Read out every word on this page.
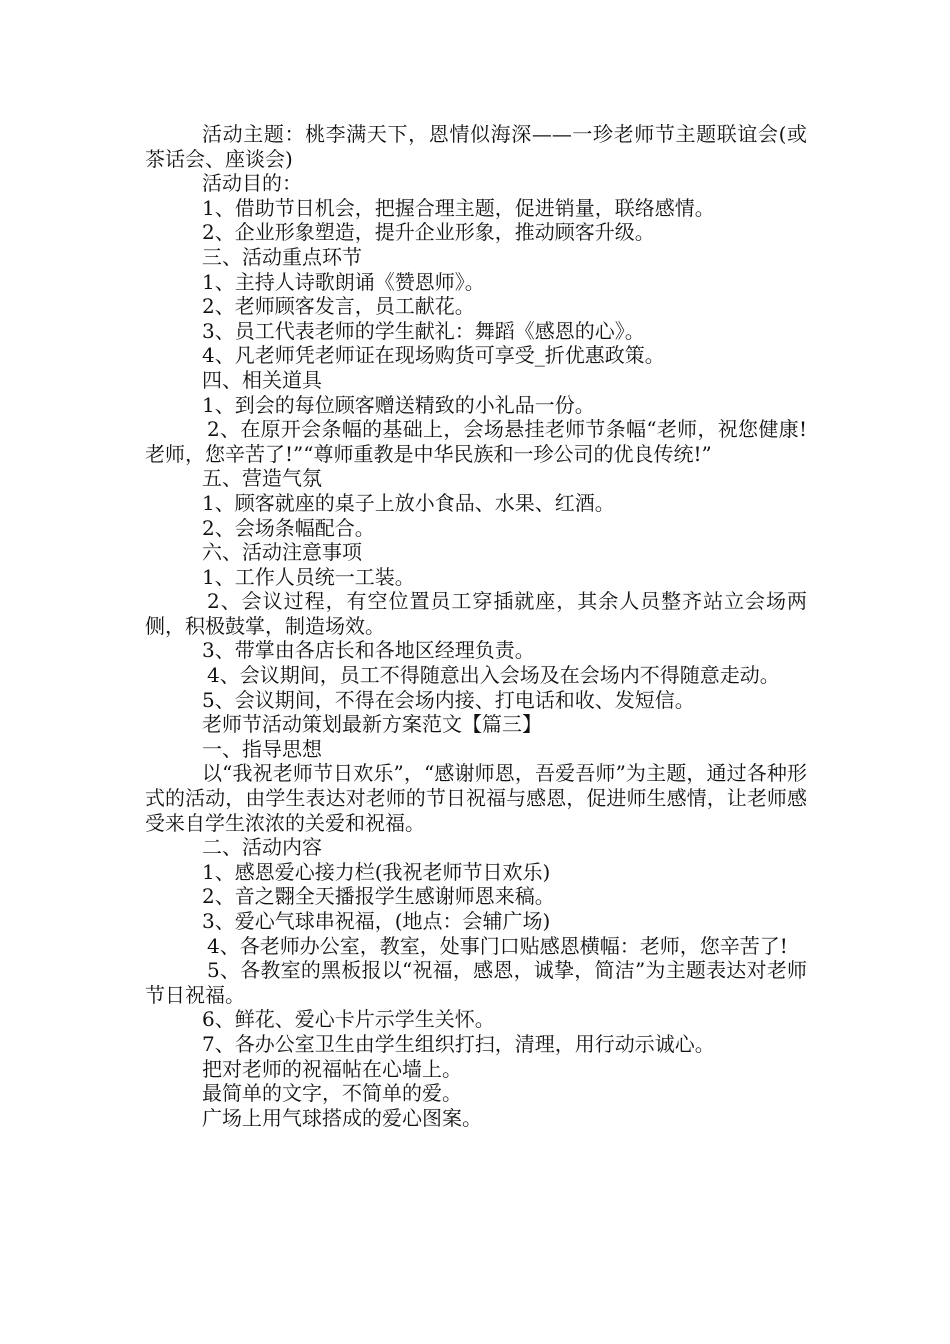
活动主题：桃李满天下，恩情似海深——一珍老师节主题联谊会(或茶话会、座谈会)

活动目的：

1、借助节日机会，把握合理主题，促进销量，联络感情。

2、企业形象塑造，提升企业形象，推动顾客升级。

三、活动重点环节

1、主持人诗歌朗诵《赞恩师》。

2、老师顾客发言，员工献花。

3、员工代表老师的学生献礼：舞蹈《感恩的心》。

4、凡老师凭老师证在现场购货可享受_折优惠政策。

四、相关道具

1、到会的每位顾客赠送精致的小礼品一份。

2、在原开会条幅的基础上，会场悬挂老师节条幅“老师，祝您健康!老师，您辛苦了!”“尊师重教是中华民族和一珍公司的优良传统!”

五、营造气氛

1、顾客就座的桌子上放小食品、水果、红酒。

2、会场条幅配合。

六、活动注意事项

1、工作人员统一工装。

2、会议过程，有空位置员工穿插就座，其余人员整齐站立会场两侧，积极鼓掌，制造场效。

3、带掌由各店长和各地区经理负责。

4、会议期间，员工不得随意出入会场及在会场内不得随意走动。

5、会议期间，不得在会场内接、打电话和收、发短信。

老师节活动策划最新方案范文【篇三】

一、指导思想

以“我祝老师节日欢乐”，“感谢师恩，吾爱吾师”为主题，通过各种形式的活动，由学生表达对老师的节日祝福与感恩，促进师生感情，让老师感受来自学生浓浓的关爱和祝福。

二、活动内容

1、感恩爱心接力栏(我祝老师节日欢乐)

2、音之翾全天播报学生感谢师恩来稿。

3、爱心气球串祝福，(地点：会辅广场)

4、各老师办公室，教室，处事门口贴感恩横幅：老师，您辛苦了!

5、各教室的黑板报以“祝福，感恩，诚挚，简洁”为主题表达对老师节日祝福。

6、鲜花、爱心卡片示学生关怀。

7、各办公室卫生由学生组织打扫，清理，用行动示诚心。

把对老师的祝福帖在心墙上。

最简单的文字，不简单的爱。

广场上用气球搭成的爱心图案。
